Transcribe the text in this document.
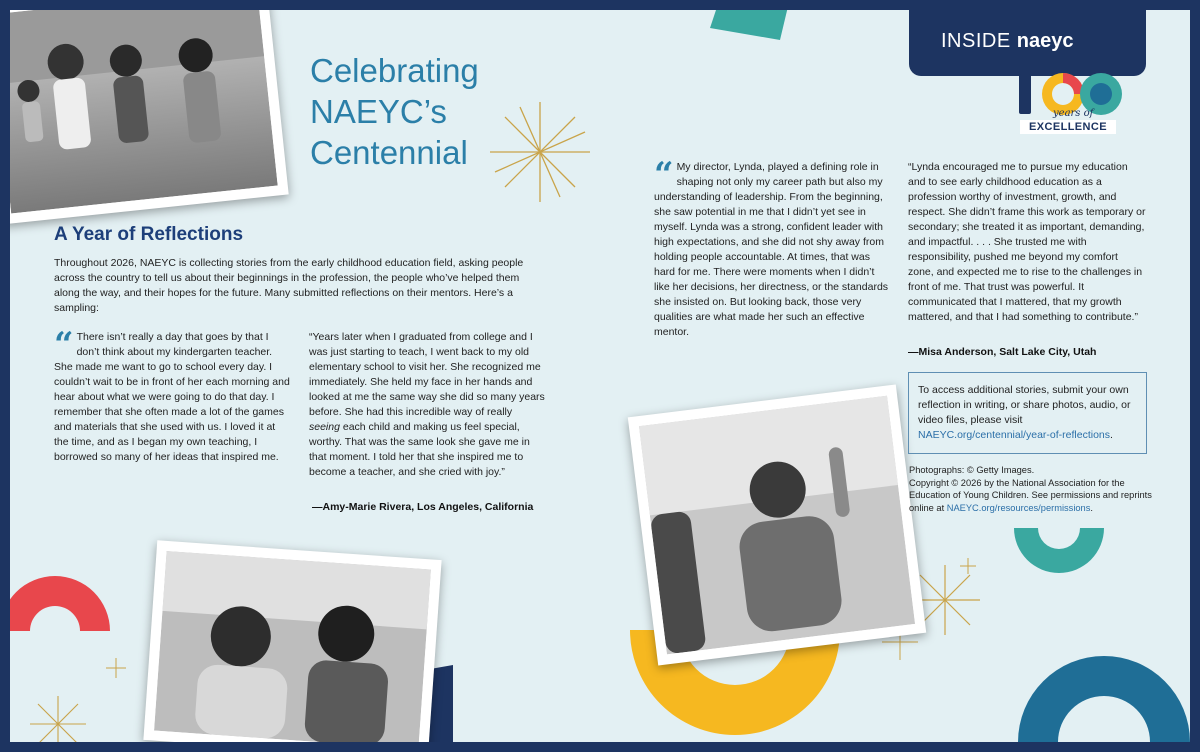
INSIDE naeyc
years of
EXCELLENCE
Celebrating
NAEYC’s
Centennial
A Year of Reflections

Throughout 2026, NAEYC is collecting stories from the early childhood education field, asking people across the country to tell us about their beginnings in the profession, the people who’ve helped them along the way, and their hopes for the future. Many submitted reflections on their mentors. Here’s a sampling:

“ There isn’t really a day that goes by that I don’t think about my kindergarten teacher. She made me want to go to school every day. I couldn’t wait to be in front of her each morning and hear about what we were going to do that day. I remember that she often made a lot of the games and materials that she used with us. I loved it at the time, and as I began my own teaching, I borrowed so many of her ideas that inspired me.
“Years later when I graduated from college and I was just starting to teach, I went back to my old elementary school to visit her. She recognized me immediately. She held my face in her hands and looked at me the same way she did so many years before. She had this incredible way of really seeing each child and making us feel special, worthy. That was the same look she gave me in that moment. I told her that she inspired me to become a teacher, and she cried with joy.”
—Amy-Marie Rivera, Los Angeles, California
“ My director, Lynda, played a defining role in shaping not only my career path but also my understanding of leadership. From the beginning, she saw potential in me that I didn’t yet see in myself. Lynda was a strong, confident leader with high expectations, and she did not shy away from holding people accountable. At times, that was hard for me. There were moments when I didn’t like her decisions, her directness, or the standards she insisted on. But looking back, those very qualities are what made her such an effective mentor.
“Lynda encouraged me to pursue my education and to see early childhood education as a profession worthy of investment, growth, and respect. She didn’t frame this work as temporary or secondary; she treated it as important, demanding, and impactful. . . . She trusted me with responsibility, pushed me beyond my comfort zone, and expected me to rise to the challenges in front of me. That trust was powerful. It communicated that I mattered, that my growth mattered, and that I had something to contribute.”
—Misa Anderson, Salt Lake City, Utah
To access additional stories, submit your own reflection in writing, or share photos, audio, or video files, please visit NAEYC.org/centennial/year-of-reflections.
Photographs: © Getty Images.
Copyright © 2026 by the National Association for the Education of Young Children. See permissions and reprints online at NAEYC.org/resources/permissions.
